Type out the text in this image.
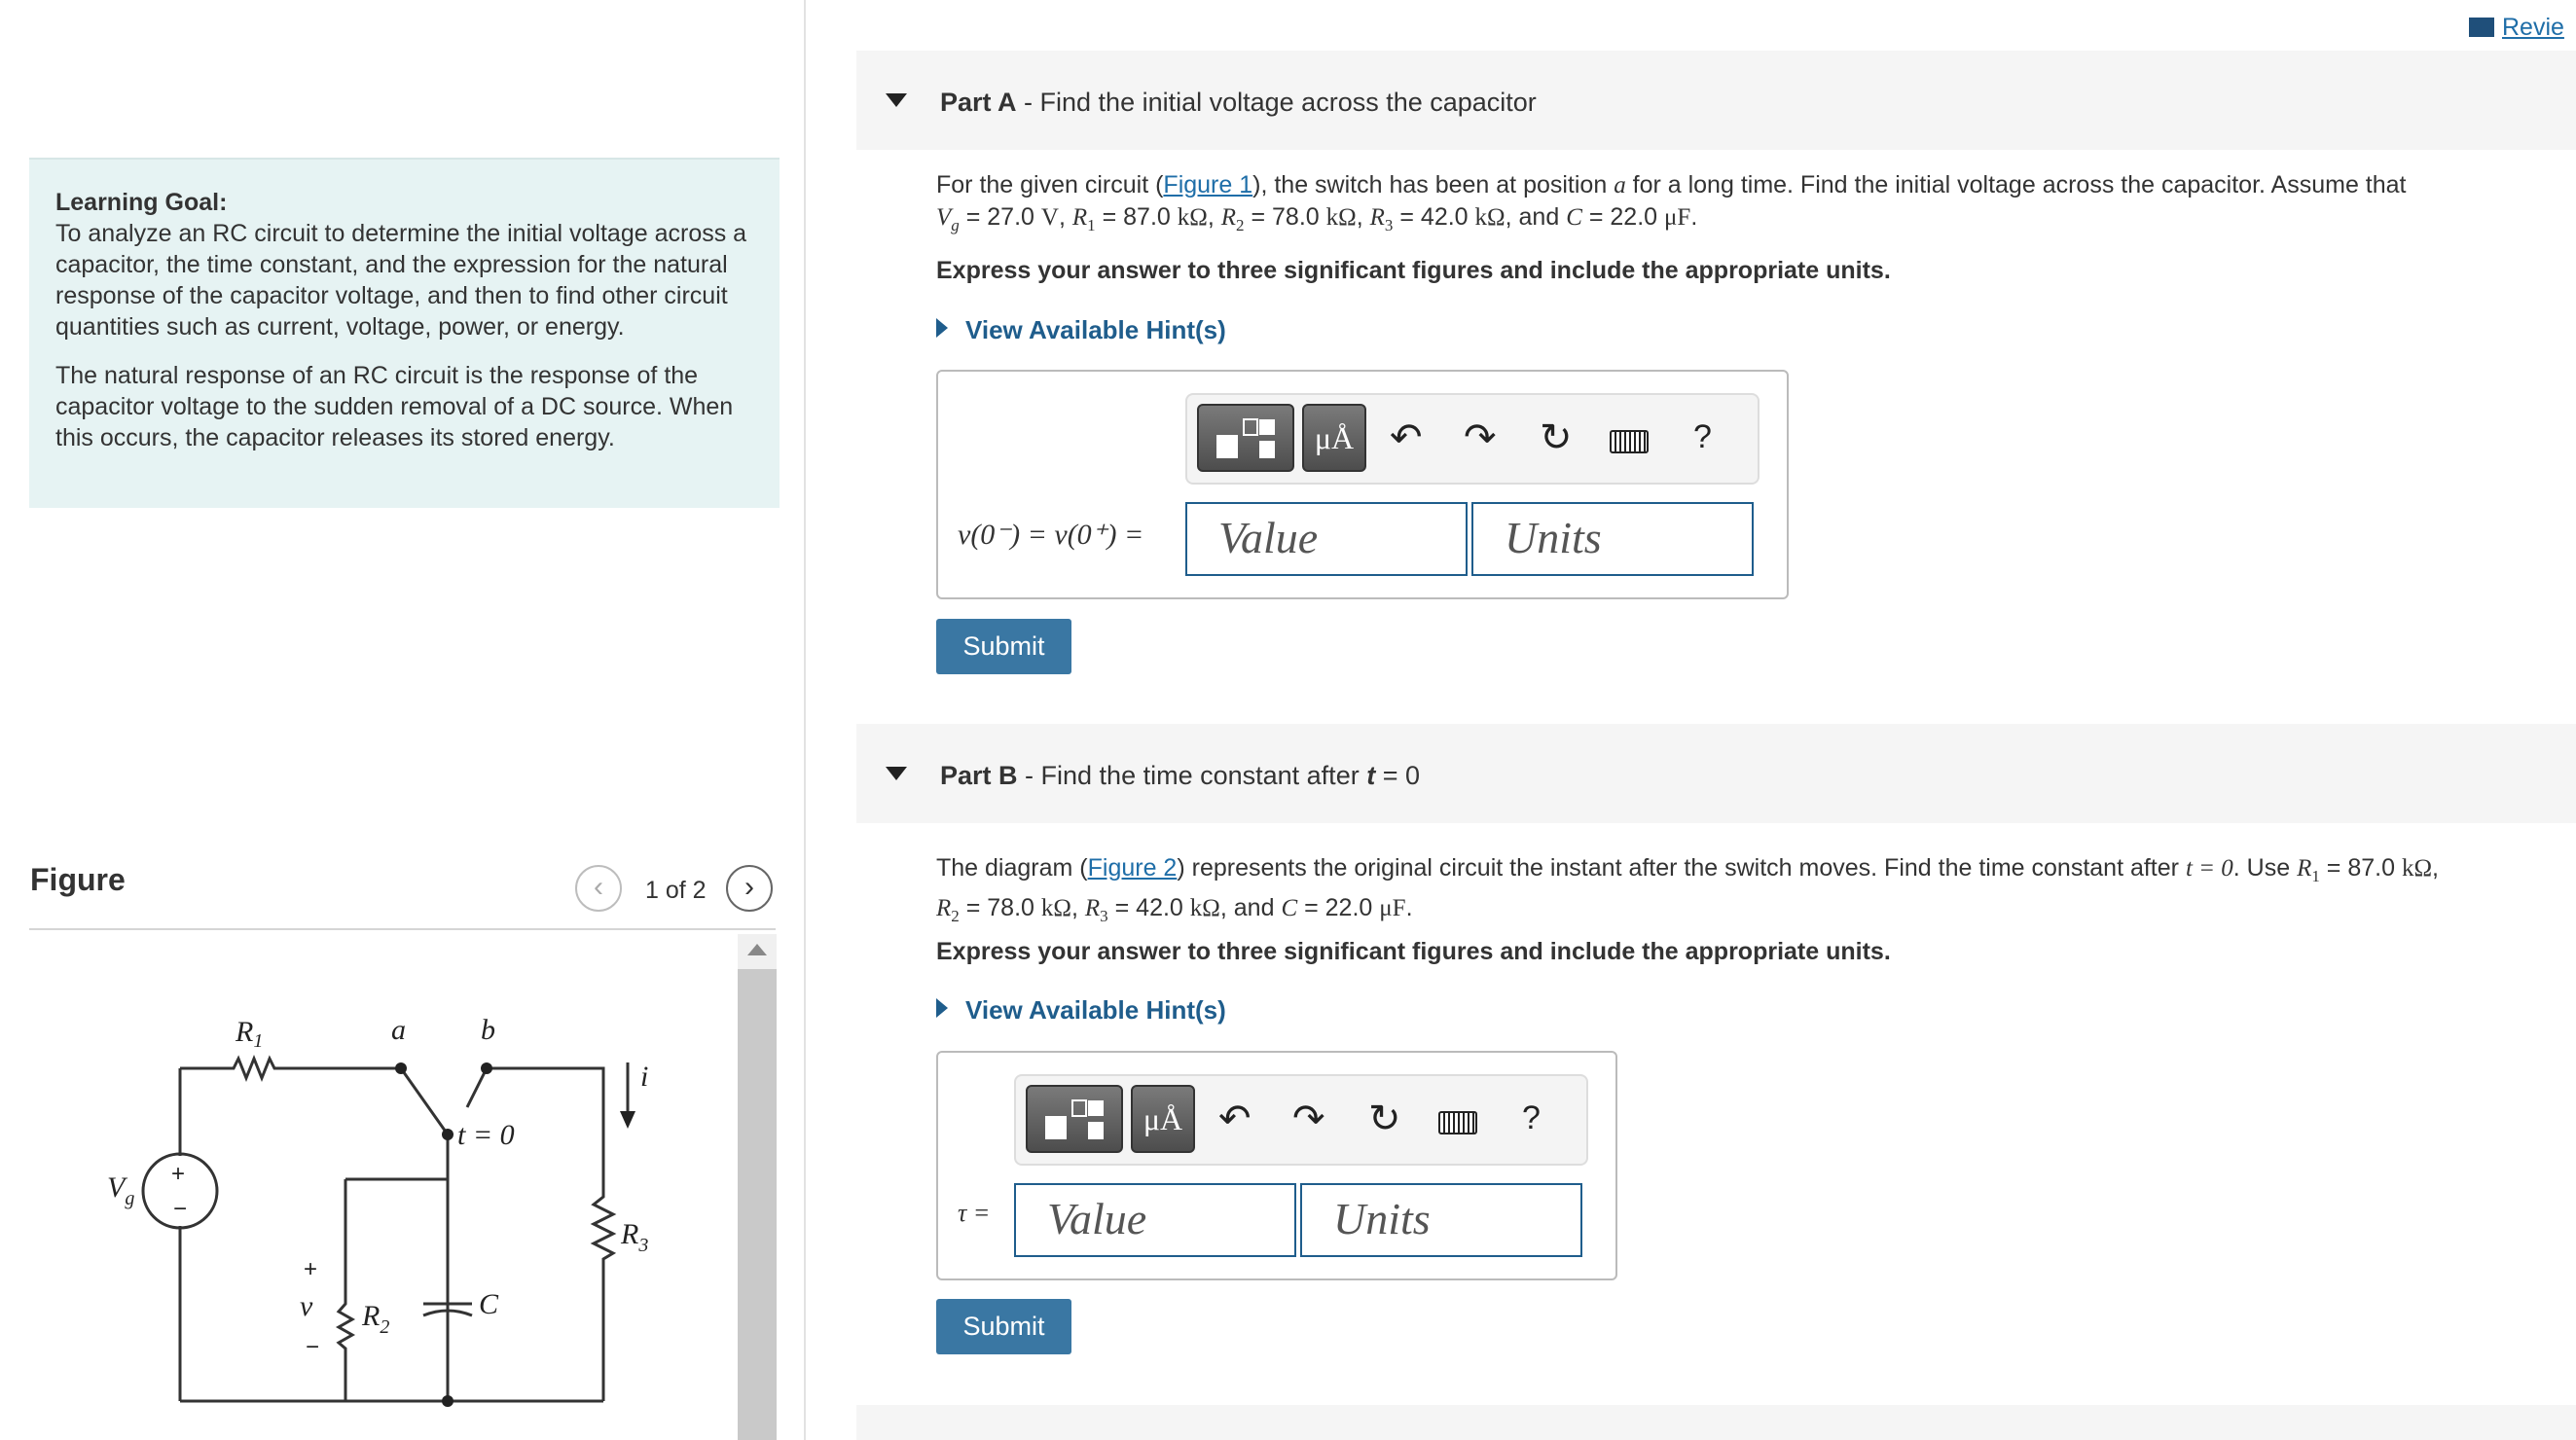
Learning Goal:

To analyze an RC circuit to determine the initial voltage across a capacitor, the time constant, and the expression for the natural response of the capacitor voltage, and then to find other circuit quantities such as current, voltage, power, or energy.

The natural response of an RC circuit is the response of the capacitor voltage to the sudden removal of a DC source. When this occurs, the capacitor releases its stored energy.

Figure	‹	1 of 2	›
$R_1$	a	b
i
t = 0
$V_g$
$R_3$
v $R_2$
C
+
−
+
−
Revie
Part A - Find the initial voltage across the capacitor
For the given circuit (Figure 1), the switch has been at position a for a long time. Find the initial voltage across the capacitor. Assume that
$V_g = 27.0$ V, $R_1 = 87.0$ kΩ, $R_2 = 78.0$ kΩ, $R_3 = 42.0$ kΩ, and C = 22.0 μF.
Express your answer to three significant figures and include the appropriate units.
View Available Hint(s)
μÅ ↶ ↷ ↻	?
v(0⁻) = v(0⁺) =	Value	Units
Submit
Part B - Find the time constant after t = 0
The diagram (Figure 2) represents the original circuit the instant after the switch moves. Find the time constant after t = 0. Use $R_1 = 87.0$ kΩ,
$R_2 = 78.0$ kΩ, $R_3 = 42.0$ kΩ, and C = 22.0 μF.
Express your answer to three significant figures and include the appropriate units.
View Available Hint(s)
μÅ ↶ ↷ ↻	?
τ =	Value	Units
Submit
